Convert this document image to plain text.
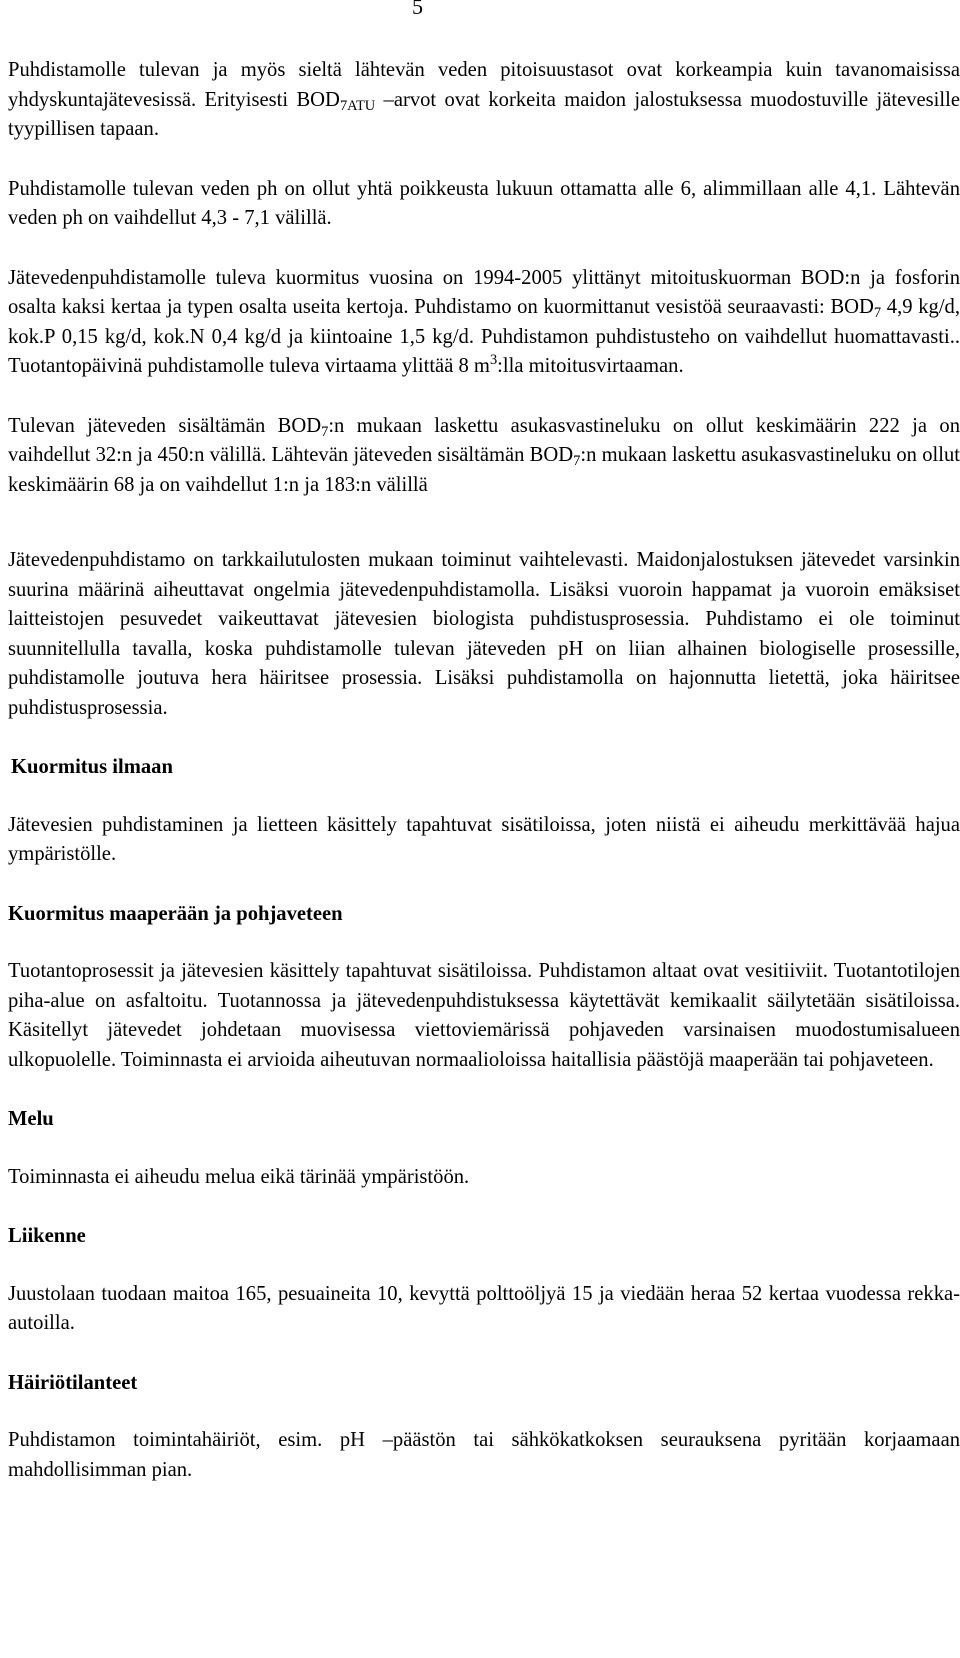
5

Puhdistamolle tulevan ja myös sieltä lähtevän veden pitoisuustasot ovat korkeampia kuin tavanomaisissa yhdyskuntajätevesissä. Erityisesti $BOD_{7ATU}$ –arvot ovat korkeita maidon jalostuksessa muodostuville jätevesille tyypillisen tapaan.

Puhdistamolle tulevan veden ph on ollut yhtä poikkeusta lukuun ottamatta alle 6, alimmillaan alle 4,1. Lähtevän veden ph on vaihdellut 4,3 - 7,1 välillä.

Jätevedenpuhdistamolle tuleva kuormitus vuosina on 1994-2005 ylittänyt mitoituskuorman BOD:n ja fosforin osalta kaksi kertaa ja typen osalta useita kertoja. Puhdistamo on kuormittanut vesistöä seuraavasti: $BOD_7$ 4,9 kg/d, kok.P 0,15 kg/d, kok.N 0,4 kg/d ja kiintoaine 1,5 kg/d. Puhdistamon puhdistusteho on vaihdellut huomattavasti.. Tuotantopäivinä puhdistamolle tuleva virtaama ylittää 8 $m^3:lla$ mitoitusvirtaaman.

Tulevan jäteveden sisältämän $BOD_7:n$ mukaan laskettu asukasvastineluku on ollut keskimäärin 222 ja on vaihdellut 32:n ja 450:n välillä. Lähtevän jäteveden sisältämän $BOD_7:n$ mukaan laskettu asukasvastineluku on ollut keskimäärin 68 ja on vaihdellut 1:n ja 183:n välillä

Jätevedenpuhdistamo on tarkkailutulosten mukaan toiminut vaihtelevasti. Maidonjalostuksen jätevedet varsinkin suurina määrinä aiheuttavat ongelmia jätevedenpuhdistamolla. Lisäksi vuoroin happamat ja vuoroin emäksiset laitteistojen pesuvedet vaikeuttavat jätevesien biologista puhdistusprosessia. Puhdistamo ei ole toiminut suunnitellulla tavalla, koska puhdistamolle tulevan jäteveden pH on liian alhainen biologiselle prosessille, puhdistamolle joutuva hera häiritsee prosessia. Lisäksi puhdistamolla on hajonnutta lietettä, joka häiritsee puhdistusprosessia.

Kuormitus ilmaan

Jätevesien puhdistaminen ja lietteen käsittely tapahtuvat sisätiloissa, joten niistä ei aiheudu merkittävää hajua ympäristölle.

Kuormitus maaperään ja pohjaveteen

Tuotantoprosessit ja jätevesien käsittely tapahtuvat sisätiloissa. Puhdistamon altaat ovat vesitiiviit. Tuotantotilojen piha-alue on asfaltoitu. Tuotannossa ja jätevedenpuhdistuksessa käytettävät kemikaalit säilytetään sisätiloissa. Käsitellyt jätevedet johdetaan muovisessa viettoviemärissä pohjaveden varsinaisen muodostumisalueen ulkopuolelle. Toiminnasta ei arvioida aiheutuvan normaalioloissa haitallisia päästöjä maaperään tai pohjaveteen.

Melu

Toiminnasta ei aiheudu melua eikä tärinää ympäristöön.

Liikenne

Juustolaan tuodaan maitoa 165, pesuaineita 10, kevyttä polttoöljyä 15 ja viedään heraa 52 kertaa vuodessa rekka-autoilla.

Häiriötilanteet

Puhdistamon toimintahäiriöt, esim. pH –päästön tai sähkökatkoksen seurauksena pyritään korjaamaan mahdollisimman pian.
